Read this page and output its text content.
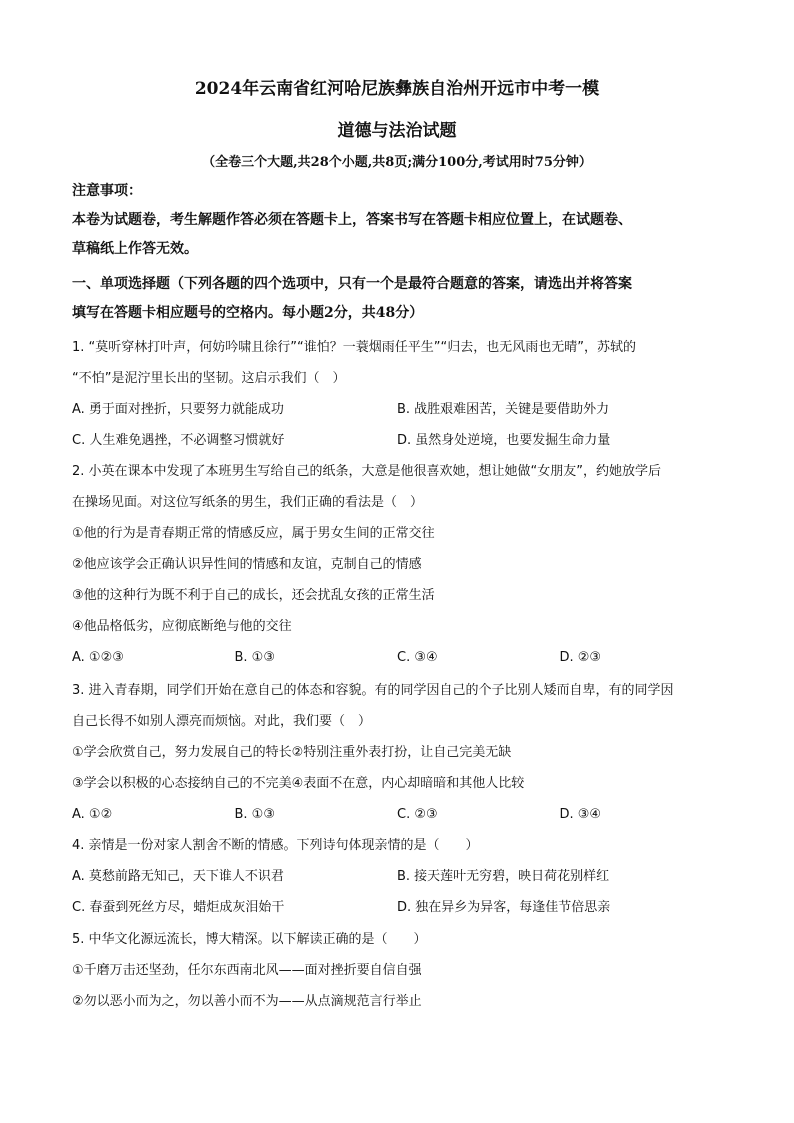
2024年云南省红河哈尼族彝族自治州开远市中考一模
道德与法治试题
（全卷三个大题,共28个小题,共8页;满分100分,考试用时75分钟）
注意事项：
本卷为试题卷，考生解题作答必须在答题卡上，答案书写在答题卡相应位置上，在试题卷、
草稿纸上作答无效。
一、单项选择题（下列各题的四个选项中，只有一个是最符合题意的答案，请选出并将答案
填写在答题卡相应题号的空格内。每小题2分，共48分）
1. “莫听穿林打叶声，何妨吟啸且徐行”“谁怕？一蓑烟雨任平生”“归去，也无风雨也无晴”，苏轼的
“不怕”是泥泞里长出的坚韧。这启示我们（　）
A. 勇于面对挫折，只要努力就能成功	B. 战胜艰难困苦，关键是要借助外力
C. 人生难免遇挫，不必调整习惯就好	D. 虽然身处逆境，也要发掘生命力量
2. 小英在课本中发现了本班男生写给自己的纸条，大意是他很喜欢她，想让她做“女朋友”，约她放学后
在操场见面。对这位写纸条的男生，我们正确的看法是（　）
①他的行为是青春期正常的情感反应，属于男女生间的正常交往
②他应该学会正确认识异性间的情感和友谊，克制自己的情感
③他的这种行为既不利于自己的成长，还会扰乱女孩的正常生活
④他品格低劣，应彻底断绝与他的交往
A. ①②③	B. ①③	C. ③④	D. ②③
3. 进入青春期，同学们开始在意自己的体态和容貌。有的同学因自己的个子比别人矮而自卑，有的同学因
自己长得不如别人漂亮而烦恼。对此，我们要（　）
①学会欣赏自己，努力发展自己的特长②特别注重外表打扮，让自己完美无缺
③学会以积极的心态接纳自己的不完美④表面不在意，内心却暗暗和其他人比较
A. ①②	B. ①③	C. ②③	D. ③④
4. 亲情是一份对家人割舍不断的情感。下列诗句体现亲情的是（　　）
A. 莫愁前路无知己，天下谁人不识君	B. 接天莲叶无穷碧，映日荷花别样红
C. 春蚕到死丝方尽，蜡炬成灰泪始干	D. 独在异乡为异客，每逢佳节倍思亲
5. 中华文化源远流长，博大精深。以下解读正确的是（　　）
①千磨万击还坚劲，任尔东西南北风——面对挫折要自信自强
②勿以恶小而为之，勿以善小而不为——从点滴规范言行举止
